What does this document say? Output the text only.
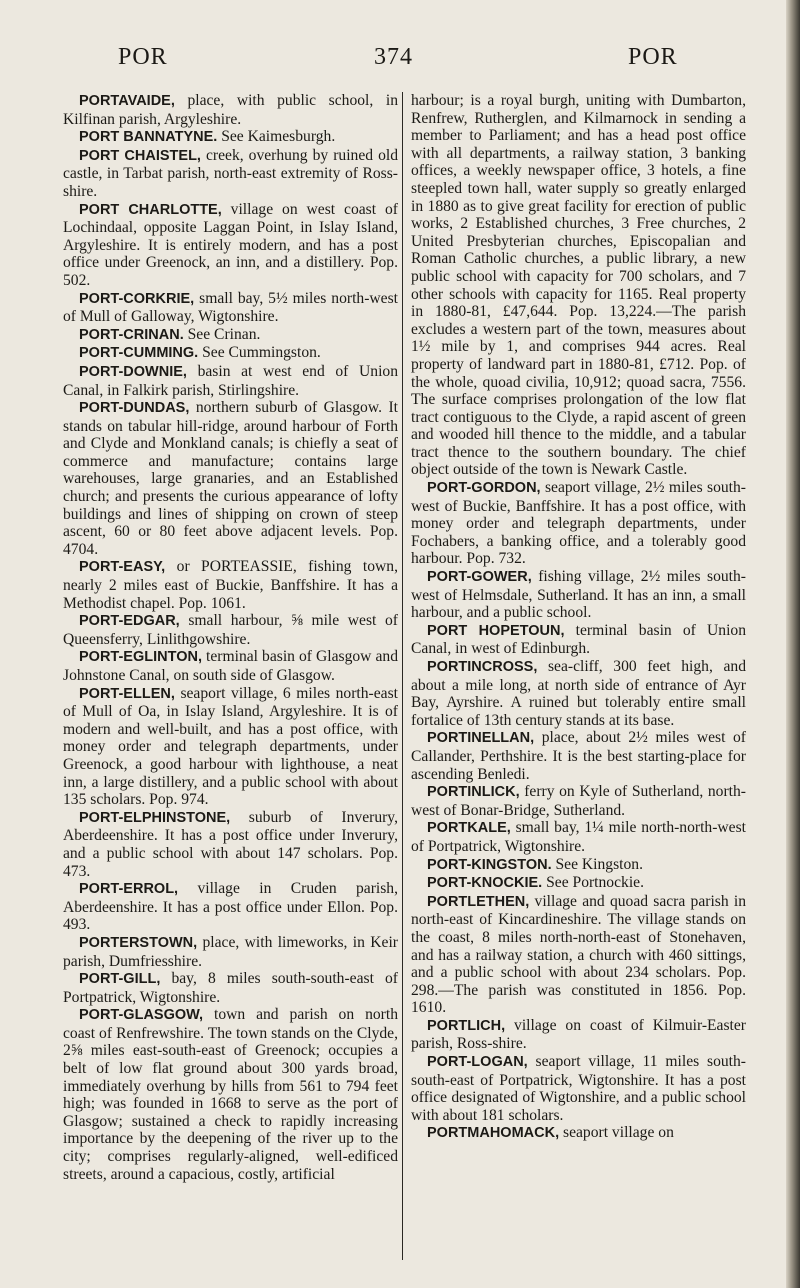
POR	374	POR

PORTAVAIDE, place, with public school, in Kilfinan parish, Argyleshire.

PORT BANNATYNE. See Kaimesburgh.

PORT CHAISTEL, creek, overhung by ruined old castle, in Tarbat parish, north-east extremity of Ross-shire.

PORT CHARLOTTE, village on west coast of Lochindaal, opposite Laggan Point, in Islay Island, Argyleshire. It is entirely modern, and has a post office under Greenock, an inn, and a distillery. Pop. 502.

PORT-CORKRIE, small bay, 5½ miles north-west of Mull of Galloway, Wigtonshire.

PORT-CRINAN. See Crinan.

PORT-CUMMING. See Cummingston.

PORT-DOWNIE, basin at west end of Union Canal, in Falkirk parish, Stirlingshire.

PORT-DUNDAS, northern suburb of Glasgow. It stands on tabular hill-ridge, around harbour of Forth and Clyde and Monkland canals; is chiefly a seat of commerce and manufacture; contains large warehouses, large granaries, and an Established church; and presents the curious appearance of lofty buildings and lines of shipping on crown of steep ascent, 60 or 80 feet above adjacent levels. Pop. 4704.

PORT-EASY, or PORTEASSIE, fishing town, nearly 2 miles east of Buckie, Banffshire. It has a Methodist chapel. Pop. 1061.

PORT-EDGAR, small harbour, ⅝ mile west of Queensferry, Linlithgowshire.

PORT-EGLINTON, terminal basin of Glasgow and Johnstone Canal, on south side of Glasgow.

PORT-ELLEN, seaport village, 6 miles north-east of Mull of Oa, in Islay Island, Argyleshire. It is of modern and well-built, and has a post office, with money order and telegraph departments, under Greenock, a good harbour with lighthouse, a neat inn, a large distillery, and a public school with about 135 scholars. Pop. 974.

PORT-ELPHINSTONE, suburb of Inverury, Aberdeenshire. It has a post office under Inverury, and a public school with about 147 scholars. Pop. 473.

PORT-ERROL, village in Cruden parish, Aberdeenshire. It has a post office under Ellon. Pop. 493.

PORTERSTOWN, place, with limeworks, in Keir parish, Dumfriesshire.

PORT-GILL, bay, 8 miles south-south-east of Portpatrick, Wigtonshire.

PORT-GLASGOW, town and parish on north coast of Renfrewshire. The town stands on the Clyde, 2⅝ miles east-south-east of Greenock; occupies a belt of low flat ground about 300 yards broad, immediately overhung by hills from 561 to 794 feet high; was founded in 1668 to serve as the port of Glasgow; sustained a check to rapidly increasing importance by the deepening of the river up to the city; comprises regularly-aligned, well-edificed streets, around a capacious, costly, artificial

harbour; is a royal burgh, uniting with Dumbarton, Renfrew, Rutherglen, and Kilmarnock in sending a member to Parliament; and has a head post office with all departments, a railway station, 3 banking offices, a weekly newspaper office, 3 hotels, a fine steepled town hall, water supply so greatly enlarged in 1880 as to give great facility for erection of public works, 2 Established churches, 3 Free churches, 2 United Presbyterian churches, Episcopalian and Roman Catholic churches, a public library, a new public school with capacity for 700 scholars, and 7 other schools with capacity for 1165. Real property in 1880-81, £47,644. Pop. 13,224.—The parish excludes a western part of the town, measures about 1½ mile by 1, and comprises 944 acres. Real property of landward part in 1880-81, £712. Pop. of the whole, quoad civilia, 10,912; quoad sacra, 7556. The surface comprises prolongation of the low flat tract contiguous to the Clyde, a rapid ascent of green and wooded hill thence to the middle, and a tabular tract thence to the southern boundary. The chief object outside of the town is Newark Castle.

PORT-GORDON, seaport village, 2½ miles south-west of Buckie, Banffshire. It has a post office, with money order and telegraph departments, under Fochabers, a banking office, and a tolerably good harbour. Pop. 732.

PORT-GOWER, fishing village, 2½ miles south-west of Helmsdale, Sutherland. It has an inn, a small harbour, and a public school.

PORT HOPETOUN, terminal basin of Union Canal, in west of Edinburgh.

PORTINCROSS, sea-cliff, 300 feet high, and about a mile long, at north side of entrance of Ayr Bay, Ayrshire. A ruined but tolerably entire small fortalice of 13th century stands at its base.

PORTINELLAN, place, about 2½ miles west of Callander, Perthshire. It is the best starting-place for ascending Benledi.

PORTINLICK, ferry on Kyle of Sutherland, north-west of Bonar-Bridge, Sutherland.

PORTKALE, small bay, 1¼ mile north-north-west of Portpatrick, Wigtonshire.

PORT-KINGSTON. See Kingston.

PORT-KNOCKIE. See Portnockie.

PORTLETHEN, village and quoad sacra parish in north-east of Kincardineshire. The village stands on the coast, 8 miles north-north-east of Stonehaven, and has a railway station, a church with 460 sittings, and a public school with about 234 scholars. Pop. 298.—The parish was constituted in 1856. Pop. 1610.

PORTLICH, village on coast of Kilmuir-Easter parish, Ross-shire.

PORT-LOGAN, seaport village, 11 miles south-south-east of Portpatrick, Wigtonshire. It has a post office designated of Wigtonshire, and a public school with about 181 scholars.

PORTMAHOMACK, seaport village on
